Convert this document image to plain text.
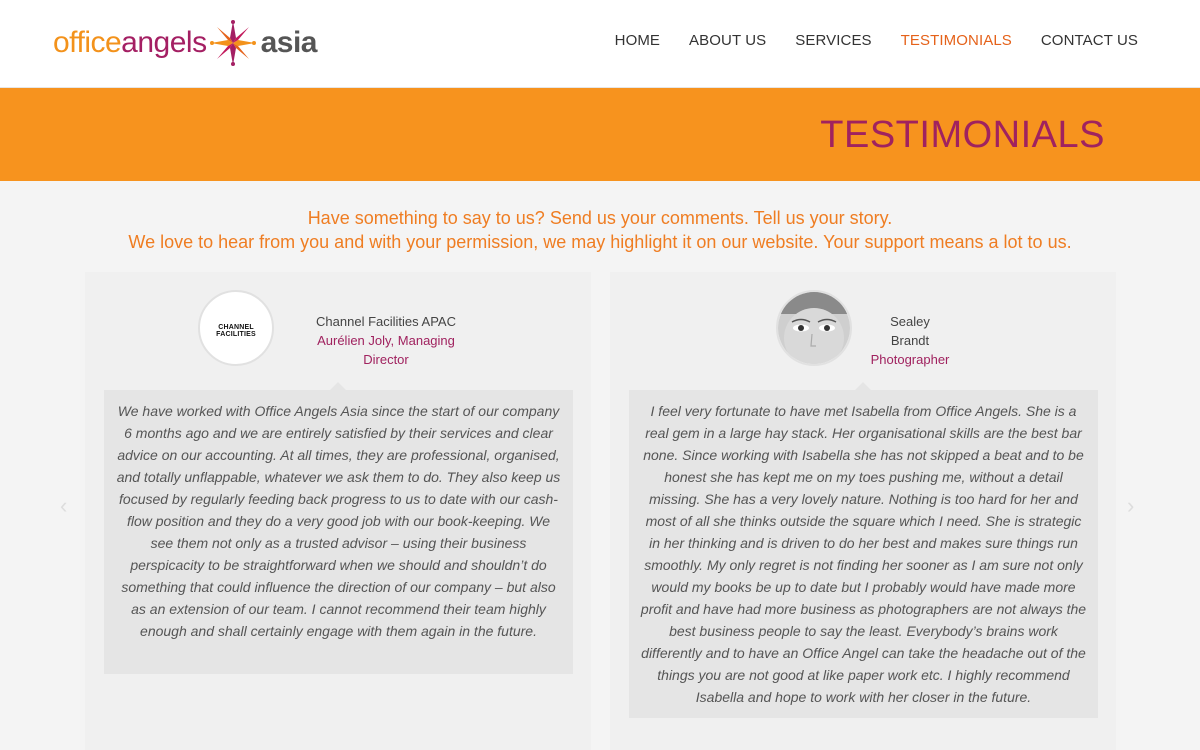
office angels asia	HOME ABOUT US SERVICES TESTIMONIALS CONTACT US
TESTIMONIALS
Have something to say to us? Send us your comments. Tell us your story.
We love to hear from you and with your permission, we may highlight it on our website. Your support means a lot to us.
‹	›
CHANNEL FACILITIES
Channel Facilities APAC
Aurélien Joly, Managing Director
We have worked with Office Angels Asia since the start of our company 6 months ago and we are entirely satisfied by their services and clear advice on our accounting. At all times, they are professional, organised, and totally unflappable, whatever we ask them to do. They also keep us focused by regularly feeding back progress to us to date with our cash-flow position and they do a very good job with our book-keeping. We see them not only as a trusted advisor – using their business perspicacity to be straightforward when we should and shouldn’t do something that could influence the direction of our company – but also as an extension of our team. I cannot recommend their team highly enough and shall certainly engage with them again in the future.
Sealey Brandt
Photographer
I feel very fortunate to have met Isabella from Office Angels. She is a real gem in a large hay stack. Her organisational skills are the best bar none. Since working with Isabella she has not skipped a beat and to be honest she has kept me on my toes pushing me, without a detail missing. She has a very lovely nature. Nothing is too hard for her and most of all she thinks outside the square which I need. She is strategic in her thinking and is driven to do her best and makes sure things run smoothly. My only regret is not finding her sooner as I am sure not only would my books be up to date but I probably would have made more profit and have had more business as photographers are not always the best business people to say the least. Everybody’s brains work differently and to have an Office Angel can take the headache out of the things you are not good at like paper work etc. I highly recommend Isabella and hope to work with her closer in the future.
